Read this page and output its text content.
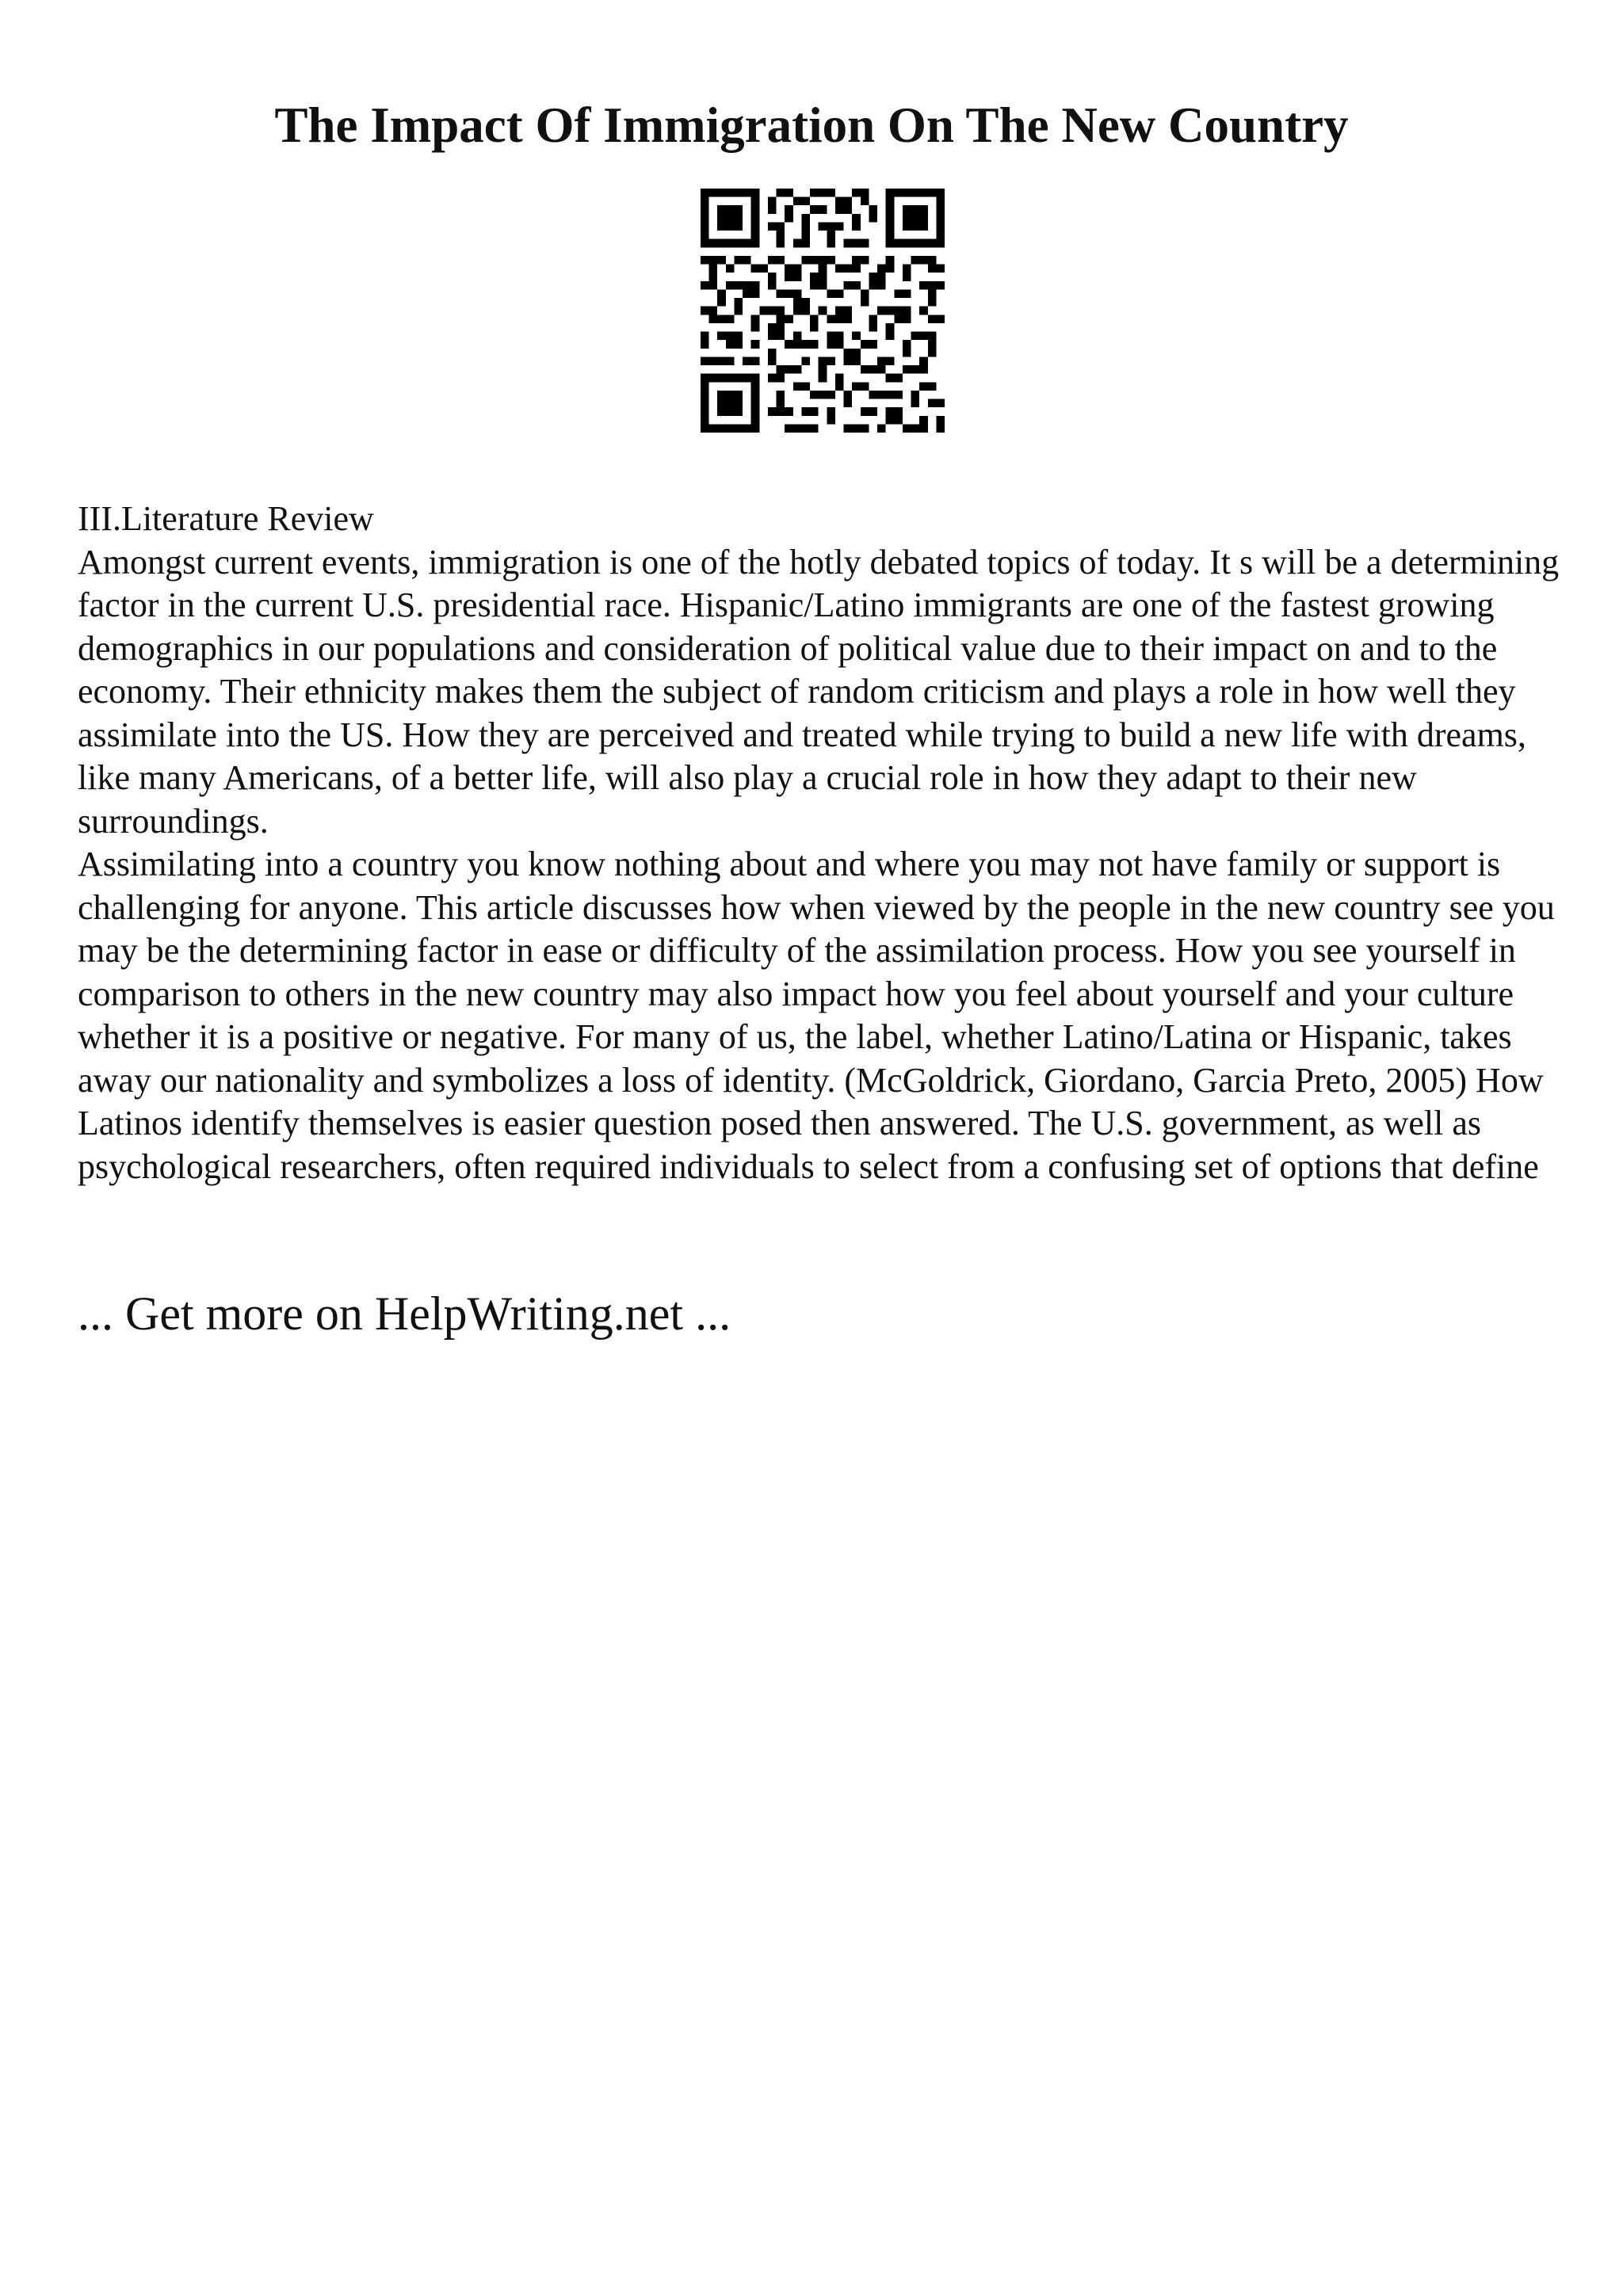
The Impact Of Immigration On The New Country

III.Literature Review

Amongst current events, immigration is one of the hotly debated topics of today. It s will be a determining factor in the current U.S. presidential race. Hispanic/Latino immigrants are one of the fastest growing demographics in our populations and consideration of political value due to their impact on and to the economy. Their ethnicity makes them the subject of random criticism and plays a role in how well they assimilate into the US. How they are perceived and treated while trying to build a new life with dreams, like many Americans, of a better life, will also play a crucial role in how they adapt to their new surroundings.

Assimilating into a country you know nothing about and where you may not have family or support is challenging for anyone. This article discusses how when viewed by the people in the new country see you may be the determining factor in ease or difficulty of the assimilation process. How you see yourself in comparison to others in the new country may also impact how you feel about yourself and your culture whether it is a positive or negative. For many of us, the label, whether Latino/Latina or Hispanic, takes away our nationality and symbolizes a loss of identity. (McGoldrick, Giordano, Garcia Preto, 2005) How Latinos identify themselves is easier question posed then answered. The U.S. government, as well as psychological researchers, often required individuals to select from a confusing set of options that define

... Get more on HelpWriting.net ...
